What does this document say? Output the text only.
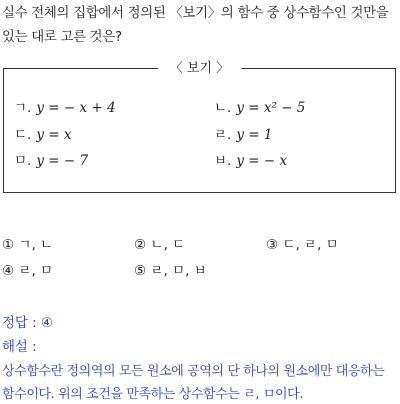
실수 전체의 집합에서 정의된 〈보기〉의 함수 중 상수함수인 것만을
있는 대로 고른 것은?
〈 보기 〉
ㄱ. y = − x + 4	ㄴ. y = x² − 5
ㄷ. y = x	ㄹ. y = 1
ㅁ. y = − 7	ㅂ. y = − x
① ㄱ, ㄴ	② ㄴ, ㄷ	③ ㄷ, ㄹ, ㅁ
④ ㄹ, ㅁ	⑤ ㄹ, ㅁ, ㅂ
정답 : ④
해설 :
상수함수란 정의역의 모든 원소에 공역의 단 하나의 원소에만 대응하는
함수이다. 위의 조건을 만족하는 상수함수는 ㄹ, ㅁ이다.
